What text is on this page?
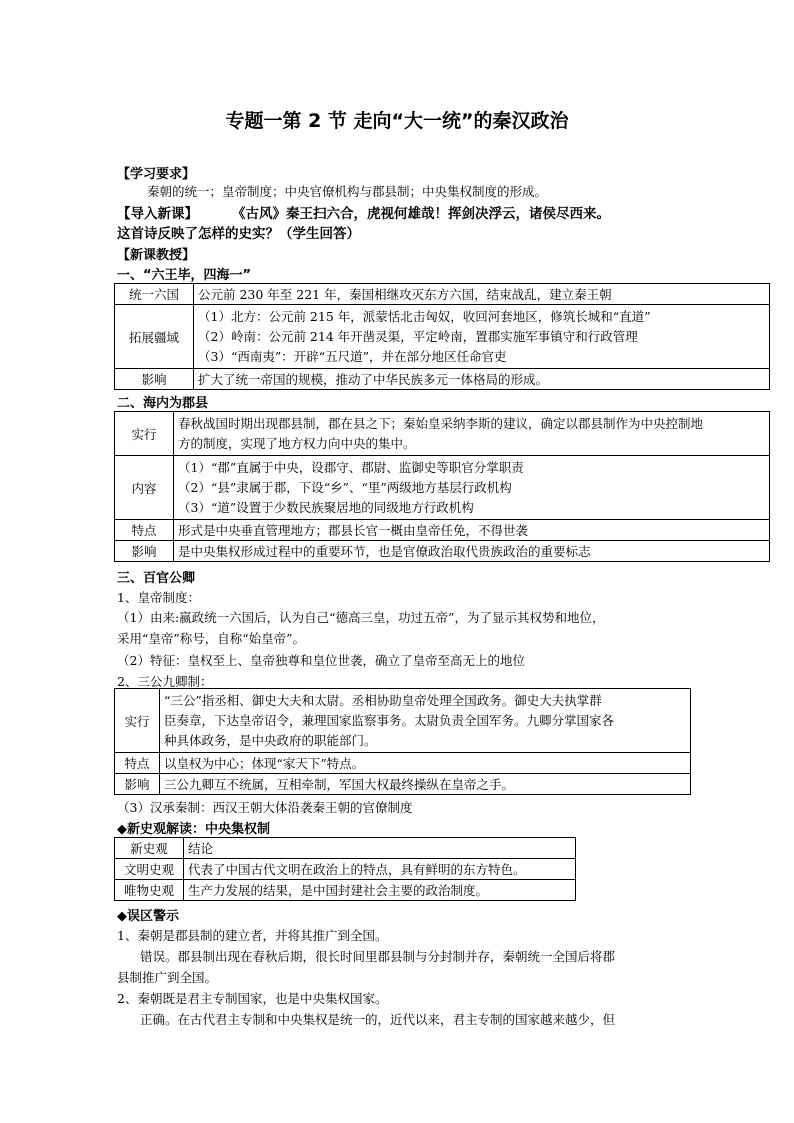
专题一第 2 节 走向“大一统”的秦汉政治
【学习要求】
秦朝的统一；皇帝制度；中央官僚机构与郡县制；中央集权制度的形成。
【导入新课】	《古风》秦王扫六合，虎视何雄哉！挥剑决浮云，诸侯尽西来。
这首诗反映了怎样的史实？（学生回答）
【新课教授】
一、“六王毕，四海一”
统一六国	公元前 230 年至 221 年，秦国相继攻灭东方六国，结束战乱，建立秦王朝
拓展疆域	（1）北方：公元前 215 年，派蒙恬北击匈奴，收回河套地区，修筑长城和“直道”
（2）岭南：公元前 214 年开凿灵渠，平定岭南，置郡实施军事镇守和行政管理
（3）“西南夷”：开辟“五尺道”，并在部分地区任命官吏

影响	扩大了统一帝国的规模，推动了中华民族多元一体格局的形成。
二、海内为郡县
实行	春秋战国时期出现郡县制，郡在县之下；秦始皇采纳李斯的建议，确定以郡县制作为中央控制地
方的制度，实现了地方权力向中央的集中。

内容	（1）“郡”直属于中央，设郡守、郡尉、监御史等职官分掌职责
（2）“县”隶属于郡，下设“乡”、“里”两级地方基层行政机构
（3）“道”设置于少数民族聚居地的同级地方行政机构

特点	形式是中央垂直管理地方；郡县长官一概由皇帝任免，不得世袭
影响	是中央集权形成过程中的重要环节，也是官僚政治取代贵族政治的重要标志
三、百官公卿
1、皇帝制度：
（1）由来:嬴政统一六国后，认为自己“德高三皇，功过五帝”，为了显示其权势和地位，
采用“皇帝”称号，自称“始皇帝”。
（2）特征：皇权至上、皇帝独尊和皇位世袭，确立了皇帝至高无上的地位
2、三公九卿制：
实行	“三公”指丞相、御史大夫和太尉。丞相协助皇帝处理全国政务。御史大夫执掌群
臣奏章，下达皇帝诏令，兼理国家监察事务。太尉负责全国军务。九卿分掌国家各
种具体政务，是中央政府的职能部门。

特点	以皇权为中心；体现“家天下”特点。
影响	三公九卿互不统属，互相牵制，军国大权最终操纵在皇帝之手。
（3）汉承秦制：西汉王朝大体沿袭秦王朝的官僚制度
◆新史观解读：中央集权制
新史观	结论
文明史观	代表了中国古代文明在政治上的特点，具有鲜明的东方特色。
唯物史观	生产力发展的结果，是中国封建社会主要的政治制度。
◆误区警示
1、秦朝是郡县制的建立者，并将其推广到全国。
错误。郡县制出现在春秋后期，很长时间里郡县制与分封制并存，秦朝统一全国后将郡
县制推广到全国。
2、秦朝既是君主专制国家，也是中央集权国家。
正确。在古代君主专制和中央集权是统一的，近代以来，君主专制的国家越来越少，但
